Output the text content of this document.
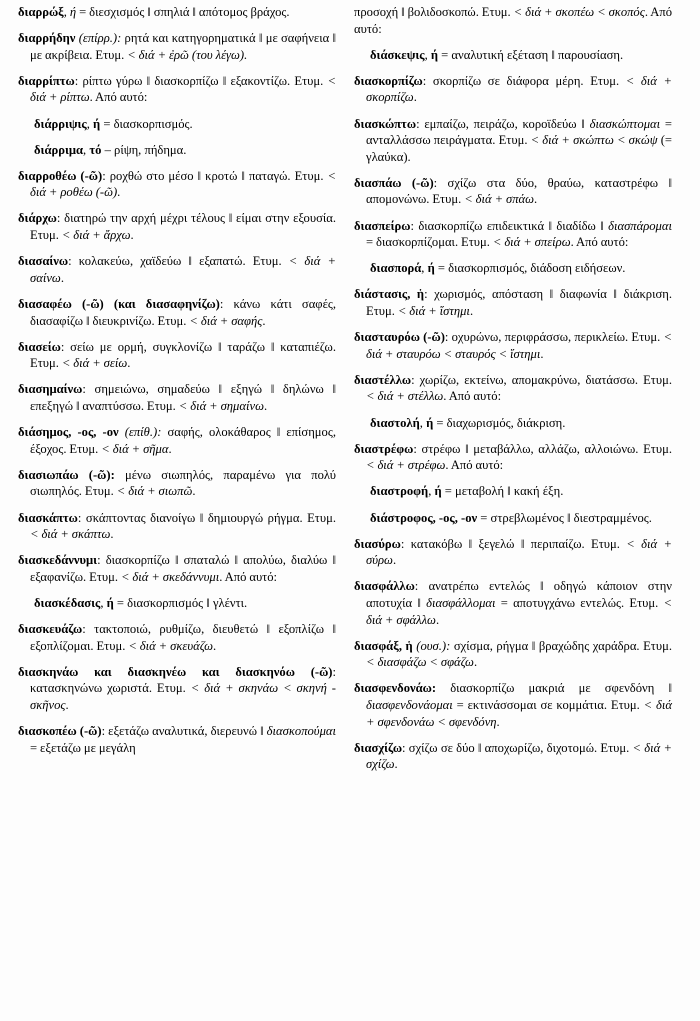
διαρρώξ, ή = διεσχισμός ‖ σπηλιά ‖ απότομος βράχος.
διαρρήδην (επίρρ.): ρητά και κατηγορηματικά ‖ με σαφήνεια ‖ με ακρίβεια. Ετυμ. < διά + ἐρῶ (του λέγω).
διαρρίπτω: ρίπτω γύρω ‖ διασκορπίζω ‖ εξακοντίζω. Ετυμ. < διά + ρίπτω. Από αυτό:
διάρριψις, ή = διασκορπισμός.
διάρριμα, τό – ρίψη, πήδημα.
διαρροθέω (-ῶ): ροχθώ στο μέσο ‖ κροτώ ‖ παταγώ. Ετυμ. < διά + ροθέω (-ῶ).
διάρχω: διατηρώ την αρχή μέχρι τέλους ‖ είμαι στην εξουσία. Ετυμ. < διά + ἄρχω.
διασαίνω: κολακεύω, χαϊδεύω ‖ εξαπατώ. Ετυμ. < διά + σαίνω.
διασαφέω (-ῶ) (και διασαφηνίζω): κάνω κάτι σαφές, διασαφίζω ‖ διευκρινίζω. Ετυμ. < διά + σαφής.
διασείω: σείω με ορμή, συγκλονίζω ‖ ταράζω ‖ καταπιέζω. Ετυμ. < διά + σείω.
διασημαίνω: σημειώνω, σημαδεύω ‖ εξηγώ ‖ δηλώνω ‖ επεξηγώ ‖ αναπτύσσω. Ετυμ. < διά + σημαίνω.
διάσημος, -ος, -ον (επίθ.): σαφής, ολοκάθαρος ‖ επίσημος, έξοχος. Ετυμ. < διά + σῆμα.
διασιωπάω (-ῶ): μένω σιωπηλός, παραμένω για πολύ σιωπηλός. Ετυμ. < διά + σιωπῶ.
διασκάπτω: σκάπτοντας διανοίγω ‖ δημιουργώ ρήγμα. Ετυμ. < διά + σκάπτω.
διασκεδάννυμι: διασκορπίζω ‖ σπαταλώ ‖ απολύω, διαλύω ‖ εξαφανίζω. Ετυμ. < διά + σκεδάννυμι. Από αυτό:
διασκέδασις, ή = διασκορπισμός ‖ γλέντι.
διασκευάζω: τακτοποιώ, ρυθμίζω, διευθετώ ‖ εξοπλίζω ‖ εξοπλίζομαι. Ετυμ. < διά + σκευάζω.
διασκηνάω και διασκηνέω και διασκηνόω (-ῶ): κατασκηνώνω χωριστά. Ετυμ. < διά + σκηνάω < σκηνή - σκῆνος.
διασκοπέω (-ῶ): εξετάζω αναλυτικά, διερευνώ ‖ διασκοπούμαι = εξετάζω με μεγάλη
προσοχή ‖ βολιδοσκοπώ. Ετυμ. < διά + σκοπέω < σκοπός. Από αυτό:
διάσκεψις, ή = αναλυτική εξέταση ‖ παρουσίαση.
διασκορπίζω: σκορπίζω σε διάφορα μέρη. Ετυμ. < διά + σκορπίζω.
διασκώπτω: εμπαίζω, πειράζω, κοροϊδεύω ‖ διασκώπτομαι = ανταλλάσσω πειράγματα. Ετυμ. < διά + σκώπτω < σκώψ (= γλαύκα).
διασπάω (-ῶ): σχίζω στα δύο, θραύω, καταστρέφω ‖ απομονώνω. Ετυμ. < διά + σπάω.
διασπείρω: διασκορπίζω επιδεικτικά ‖ διαδίδω ‖ διασπάρομαι = διασκορπίζομαι. Ετυμ. < διά + σπείρω. Από αυτό:
διασπορά, ή = διασκορπισμός, διάδοση ειδήσεων.
διάστασις, ἡ: χωρισμός, απόσταση ‖ διαφωνία ‖ διάκριση. Ετυμ. < διά + ἵστημι.
διασταυρόω (-ῶ): οχυρώνω, περιφράσσω, περικλείω. Ετυμ. < διά + σταυρόω < σταυρός < ἵστημι.
διαστέλλω: χωρίζω, εκτείνω, απομακρύνω, διατάσσω. Ετυμ. < διά + στέλλω. Από αυτό:
διαστολή, ή = διαχωρισμός, διάκριση.
διαστρέφω: στρέφω ‖ μεταβάλλω, αλλάζω, αλλοιώνω. Ετυμ. < διά + στρέφω. Από αυτό:
διαστροφή, ή = μεταβολή ‖ κακή έξη.
διάστροφος, -ος, -ον = στρεβλωμένος ‖ διεστραμμένος.
διασύρω: κατακόβω ‖ ξεγελώ ‖ περιπαίζω. Ετυμ. < διά + σύρω.
διασφάλλω: ανατρέπω εντελώς ‖ οδηγώ κάποιον στην αποτυχία ‖ διασφάλλομαι = αποτυγχάνω εντελώς. Ετυμ. < διά + σφάλλω.
διασφάξ, ἡ (ουσ.): σχίσμα, ρήγμα ‖ βραχώδης χαράδρα. Ετυμ. < διασφάζω < σφάζω.
διασφενδονάω: διασκορπίζω μακριά με σφενδόνη ‖ διασφενδονάομαι = εκτινάσσομαι σε κομμάτια. Ετυμ. < διά + σφενδονάω < σφενδόνη.
διασχίζω: σχίζω σε δύο ‖ αποχωρίζω, διχοτομώ. Ετυμ. < διά + σχίζω.
